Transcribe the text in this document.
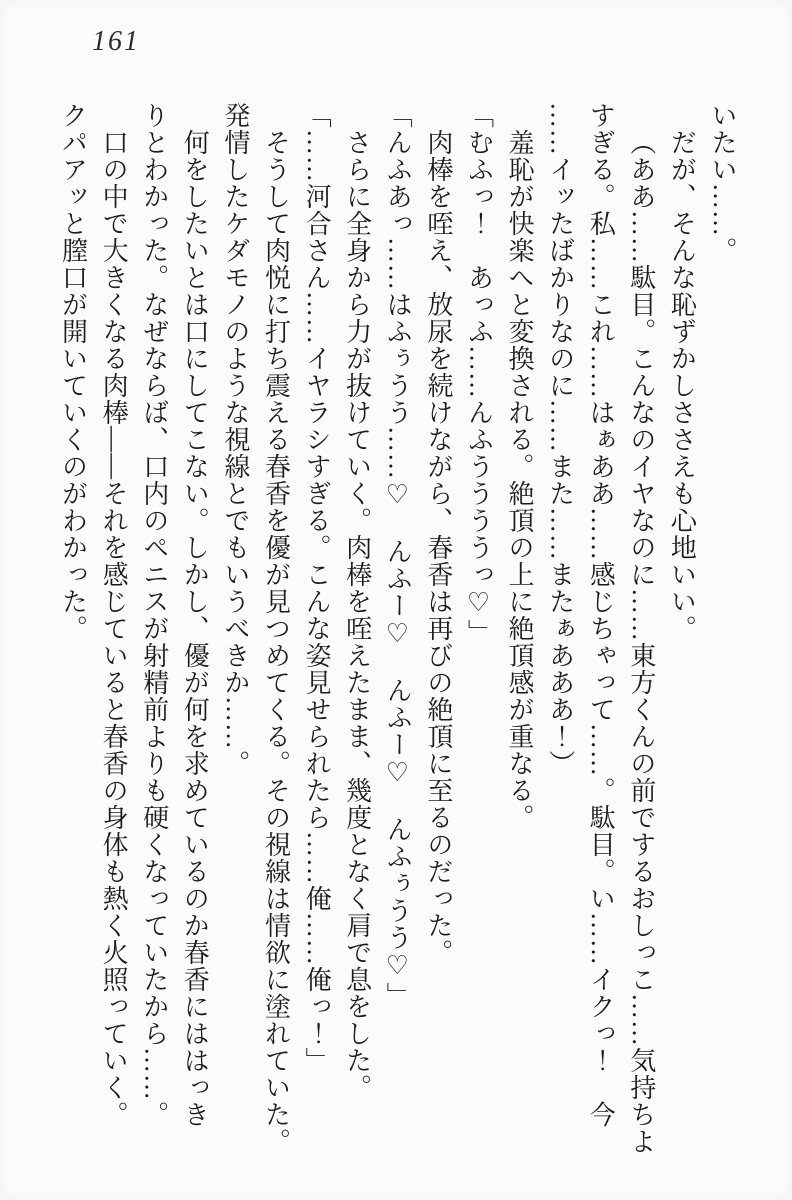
161

いたい……。

だが、そんな恥ずかしささえも心地いい。

（ああ……駄目。こんなのイヤなのに……東方くんの前でするおしっこ……気持ちよ

すぎる。私……これ……はぁああ……感じちゃって……。駄目。い……イクっ！　今

……イッたばかりなのに……また……またぁあああ！）

羞恥が快楽へと変換される。絶頂の上に絶頂感が重なる。

「むふっ！　あっふ……んふううううっ♡」

肉棒を咥え、放尿を続けながら、春香は再びの絶頂に至るのだった。

「んふあっ……はふぅうう……♡　んふー♡　んふー♡　んふぅうう♡」

さらに全身から力が抜けていく。肉棒を咥えたまま、幾度となく肩で息をした。

「……河合さん……イヤラシすぎる。こんな姿見せられたら……俺……俺っ！」

そうして肉悦に打ち震える春香を優が見つめてくる。その視線は情欲に塗れていた。

発情したケダモノのような視線とでもいうべきか……。

何をしたいとは口にしてこない。しかし、優が何を求めているのか春香にははっき

りとわかった。なぜならば、口内のペニスが射精前よりも硬くなっていたから……。

口の中で大きくなる肉棒――それを感じていると春香の身体も熱く火照っていく。

クパアッと膣口が開いていくのがわかった。
